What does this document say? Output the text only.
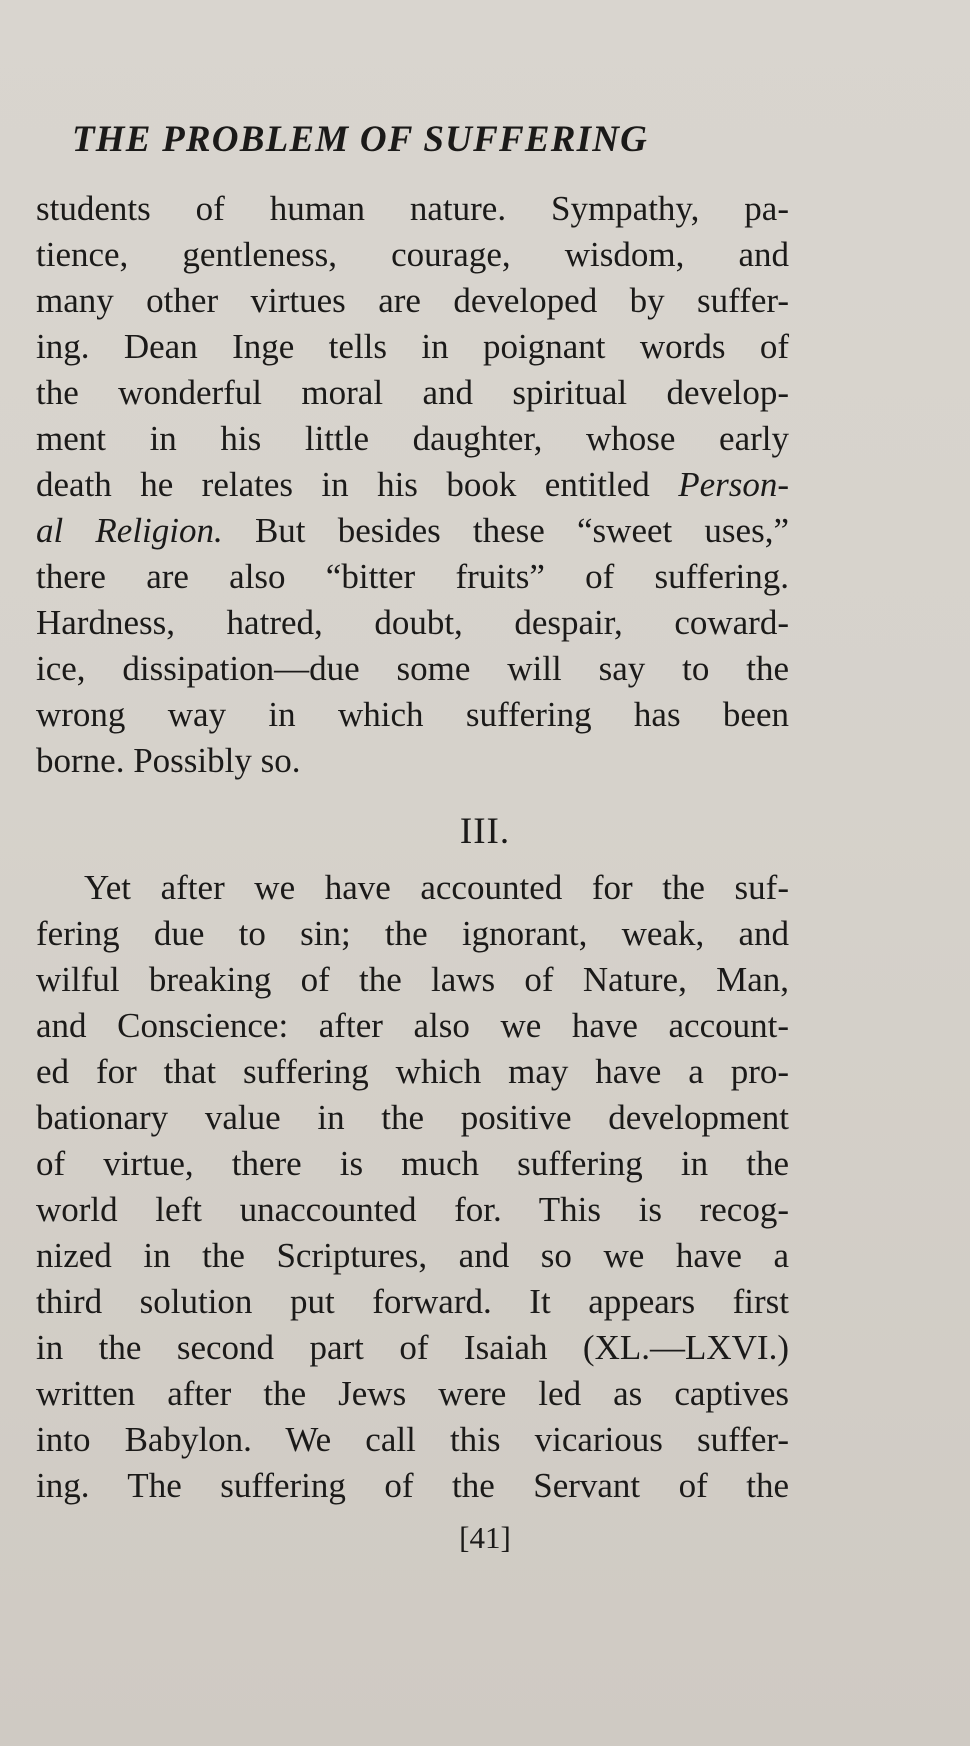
THE PROBLEM OF SUFFERING
students of human nature. Sympathy, pa-
tience, gentleness, courage, wisdom, and
many other virtues are developed by suffer-
ing. Dean Inge tells in poignant words of
the wonderful moral and spiritual develop-
ment in his little daughter, whose early
death he relates in his book entitled Person-
al Religion. But besides these “sweet uses,”
there are also “bitter fruits” of suffering.
Hardness, hatred, doubt, despair, coward-
ice, dissipation—due some will say to the
wrong way in which suffering has been
borne. Possibly so.
III.
Yet after we have accounted for the suf-
fering due to sin; the ignorant, weak, and
wilful breaking of the laws of Nature, Man,
and Conscience: after also we have account-
ed for that suffering which may have a pro-
bationary value in the positive development
of virtue, there is much suffering in the
world left unaccounted for. This is recog-
nized in the Scriptures, and so we have a
third solution put forward. It appears first
in the second part of Isaiah (XL.—LXVI.)
written after the Jews were led as captives
into Babylon. We call this vicarious suffer-
ing. The suffering of the Servant of the
[41]
